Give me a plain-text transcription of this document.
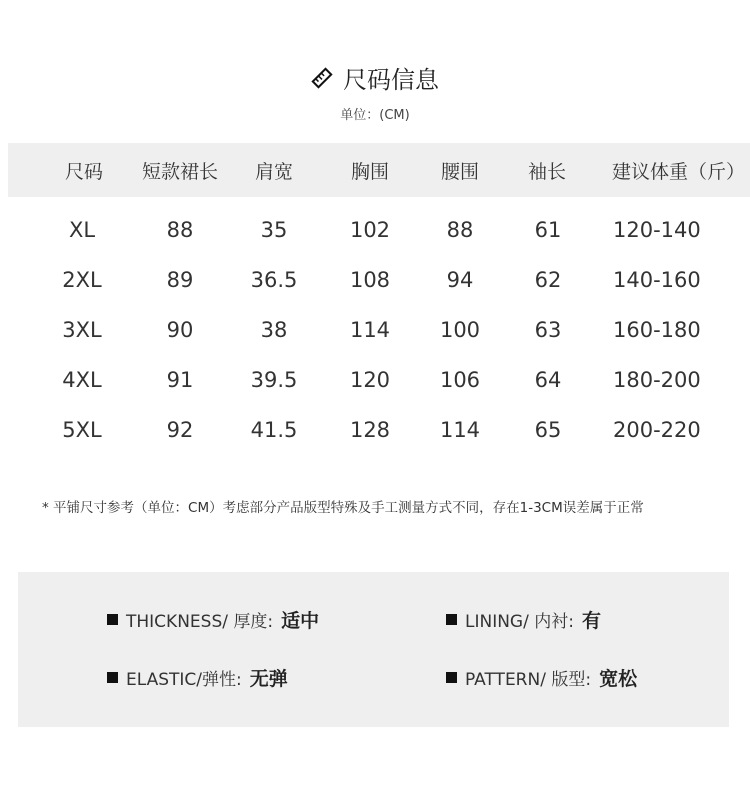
尺码信息
单位：(CM)
尺码	短款裙长	肩宽	胸围	腰围	袖长	建议体重（斤）
XL	88	35	102	88	61	120-140
2XL	89	36.5	108	94	62	140-160
3XL	90	38	114	100	63	160-180
4XL	91	39.5	120	106	64	180-200
5XL	92	41.5	128	114	65	200-220
* 平铺尺寸参考（单位：CM）考虑部分产品版型特殊及手工测量方式不同，存在1-3CM误差属于正常
THICKNESS/ 厚度: 适中	LINING/ 内衬: 有
ELASTIC/弹性: 无弹	PATTERN/ 版型: 宽松
